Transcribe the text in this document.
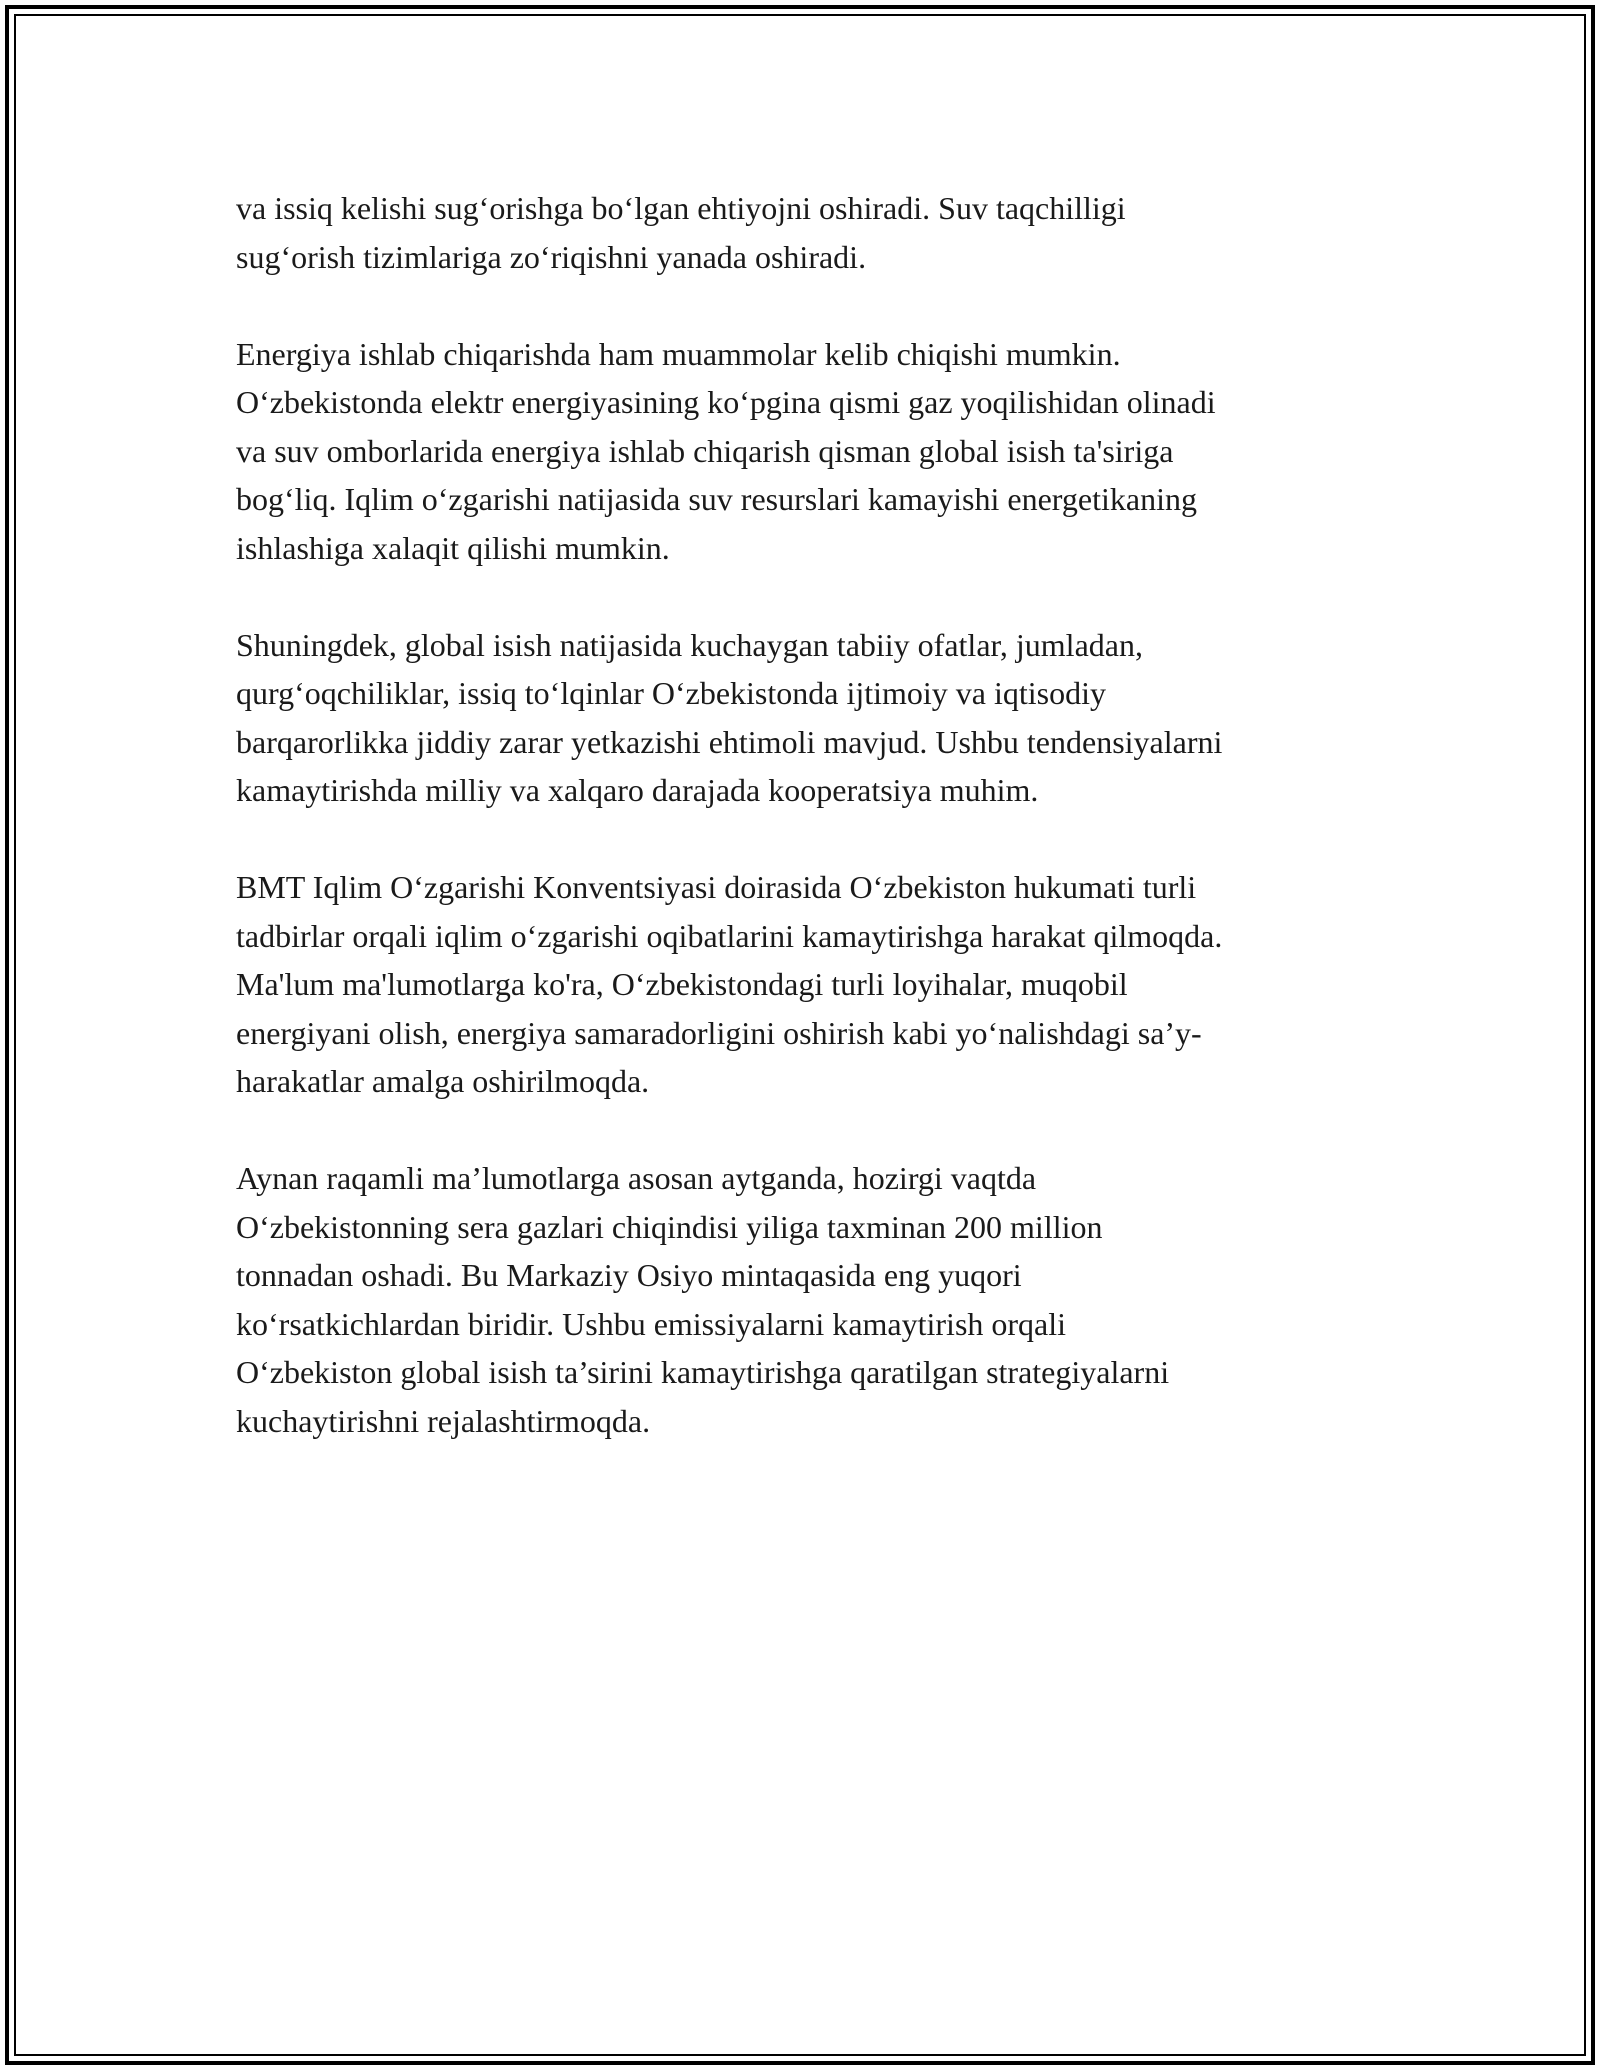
va issiq kelishi sugʻorishga boʻlgan ehtiyojni oshiradi. Suv taqchilligi
sugʻorish tizimlariga zoʻriqishni yanada oshiradi.
Energiya ishlab chiqarishda ham muammolar kelib chiqishi mumkin.
Oʻzbekistonda elektr energiyasining koʻpgina qismi gaz yoqilishidan olinadi
va suv omborlarida energiya ishlab chiqarish qisman global isish ta'siriga
bogʻliq. Iqlim oʻzgarishi natijasida suv resurslari kamayishi energetikaning
ishlashiga xalaqit qilishi mumkin.
Shuningdek, global isish natijasida kuchaygan tabiiy ofatlar, jumladan,
qurgʻoqchiliklar, issiq toʻlqinlar Oʻzbekistonda ijtimoiy va iqtisodiy
barqarorlikka jiddiy zarar yetkazishi ehtimoli mavjud. Ushbu tendensiyalarni
kamaytirishda milliy va xalqaro darajada kooperatsiya muhim.
BMT Iqlim Oʻzgarishi Konventsiyasi doirasida Oʻzbekiston hukumati turli
tadbirlar orqali iqlim oʻzgarishi oqibatlarini kamaytirishga harakat qilmoqda.
Ma'lum ma'lumotlarga ko'ra, Oʻzbekistondagi turli loyihalar, muqobil
energiyani olish, energiya samaradorligini oshirish kabi yoʻnalishdagi sa’y-
harakatlar amalga oshirilmoqda.
Aynan raqamli ma’lumotlarga asosan aytganda, hozirgi vaqtda
Oʻzbekistonning sera gazlari chiqindisi yiliga taxminan 200 million
tonnadan oshadi. Bu Markaziy Osiyo mintaqasida eng yuqori
koʻrsatkichlardan biridir. Ushbu emissiyalarni kamaytirish orqali
Oʻzbekiston global isish ta’sirini kamaytirishga qaratilgan strategiyalarni
kuchaytirishni rejalashtirmoqda.
